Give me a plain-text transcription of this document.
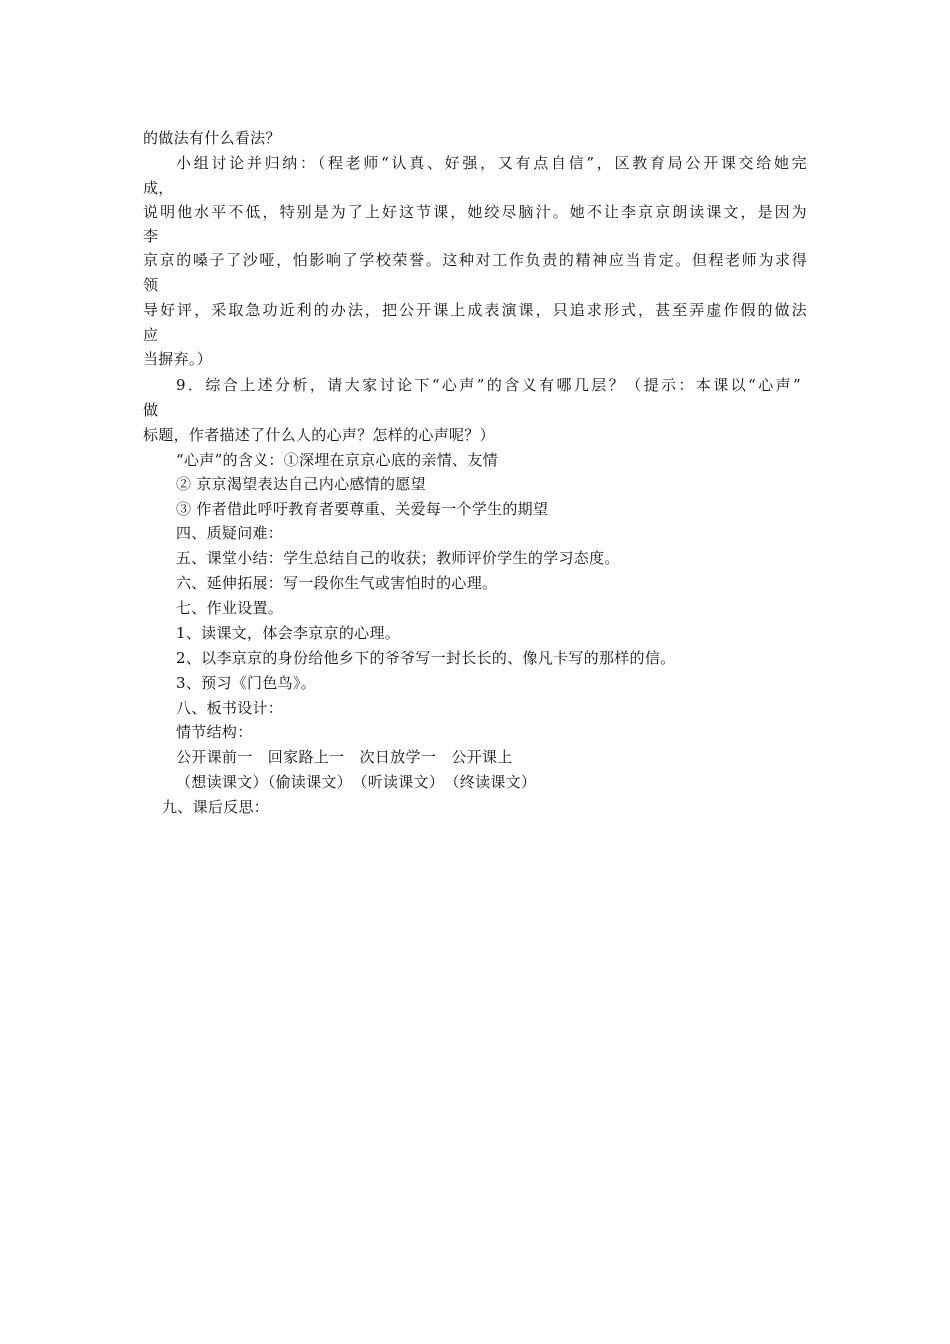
的做法有什么看法？
小组讨论并归纳：（程老师“认真、好强，又有点自信”，区教育局公开课交给她完
成，
说明他水平不低，特别是为了上好这节课，她绞尽脑汁。她不让李京京朗读课文，是因为
李
京京的嗓子了沙哑，怕影响了学校荣誉。这种对工作负责的精神应当肯定。但程老师为求得
领
导好评，采取急功近利的办法，把公开课上成表演课，只追求形式，甚至弄虚作假的做法
应
当摒弃。）
9．综合上述分析，请大家讨论下“心声”的含义有哪几层？（提示：本课以“心声”
做
标题，作者描述了什么人的心声？怎样的心声呢？）
“心声”的含义：①深埋在京京心底的亲情、友情
② 京京渴望表达自己内心感情的愿望
③ 作者借此呼吁教育者要尊重、关爱每一个学生的期望
四、质疑问难：
五、课堂小结：学生总结自己的收获；教师评价学生的学习态度。
六、延伸拓展：写一段你生气或害怕时的心理。
七、作业设置。
1、读课文，体会李京京的心理。
2、以李京京的身份给他乡下的爷爷写一封长长的、像凡卡写的那样的信。
3、预习《门色鸟》。
八、板书设计：
情节结构：
公开课前一　回家路上一　次日放学一　公开课上
（想读课文）（偷读课文）　（听读课文）　（终读课文）
九、课后反思：
